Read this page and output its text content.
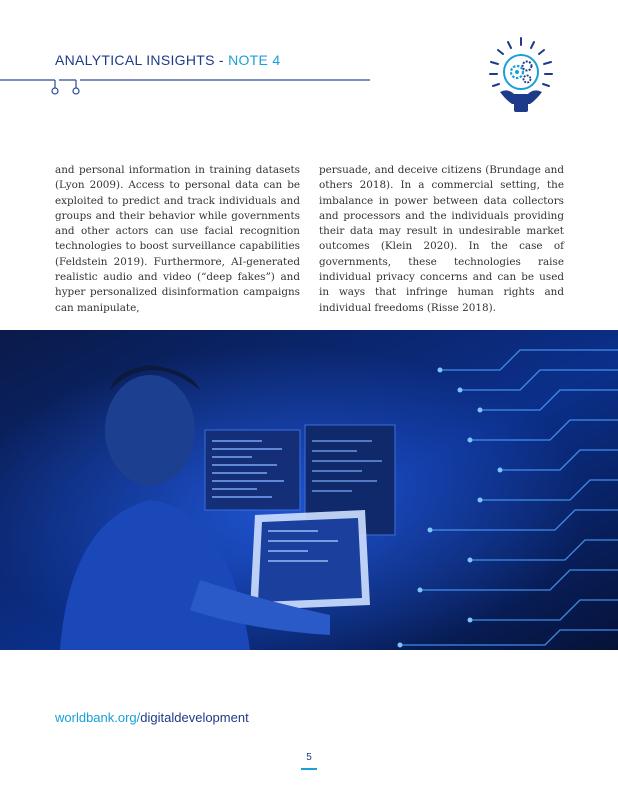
ANALYTICAL INSIGHTS - NOTE 4
and personal information in training datasets (Lyon 2009). Access to personal data can be exploited to predict and track individuals and groups and their behavior while governments and other actors can use facial recognition technologies to boost surveillance capabilities (Feldstein 2019). Furthermore, AI-generated realistic audio and video (“deep fakes”) and hyper personalized disinformation campaigns can manipulate,
persuade, and deceive citizens (Brundage and others 2018). In a commercial setting, the imbalance in power between data collectors and processors and the individuals providing their data may result in undesirable market outcomes (Klein 2020). In the case of governments, these technologies raise individual privacy concerns and can be used in ways that infringe human rights and individual freedoms (Risse 2018).
worldbank.org/digitaldevelopment
5
